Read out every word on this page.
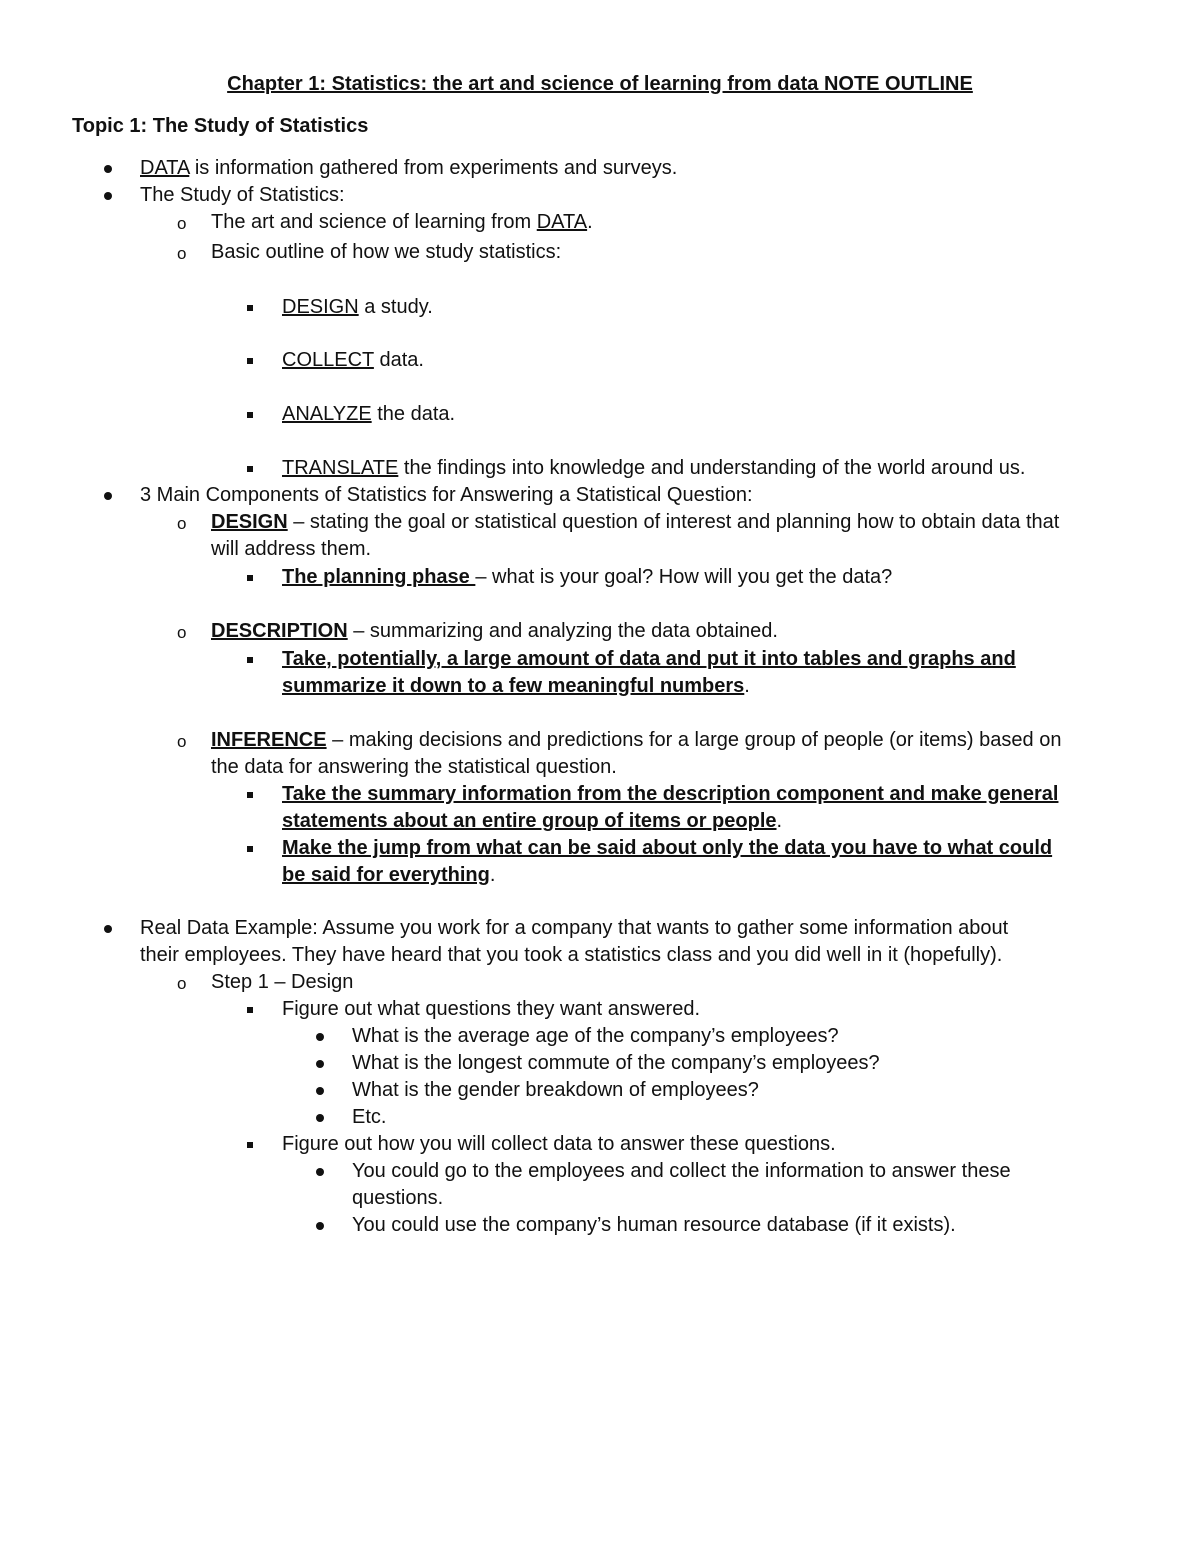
Chapter 1: Statistics: the art and science of learning from data NOTE OUTLINE
Topic 1: The Study of Statistics
DATA is information gathered from experiments and surveys.
The Study of Statistics:
o The art and science of learning from DATA.
o Basic outline of how we study statistics:
DESIGN a study.
COLLECT data.
ANALYZE the data.
TRANSLATE the findings into knowledge and understanding of the world around us.
3 Main Components of Statistics for Answering a Statistical Question:
o DESIGN – stating the goal or statistical question of interest and planning how to obtain data that
will address them.
The planning phase – what is your goal? How will you get the data?
o DESCRIPTION – summarizing and analyzing the data obtained.
Take, potentially, a large amount of data and put it into tables and graphs and
summarize it down to a few meaningful numbers.
o INFERENCE – making decisions and predictions for a large group of people (or items) based on
the data for answering the statistical question.
Take the summary information from the description component and make general
statements about an entire group of items or people.
Make the jump from what can be said about only the data you have to what could
be said for everything.
Real Data Example: Assume you work for a company that wants to gather some information about
their employees. They have heard that you took a statistics class and you did well in it (hopefully).
o Step 1 – Design
Figure out what questions they want answered.
What is the average age of the company’s employees?
What is the longest commute of the company’s employees?
What is the gender breakdown of employees?
Etc.
Figure out how you will collect data to answer these questions.
You could go to the employees and collect the information to answer these
questions.
You could use the company’s human resource database (if it exists).
